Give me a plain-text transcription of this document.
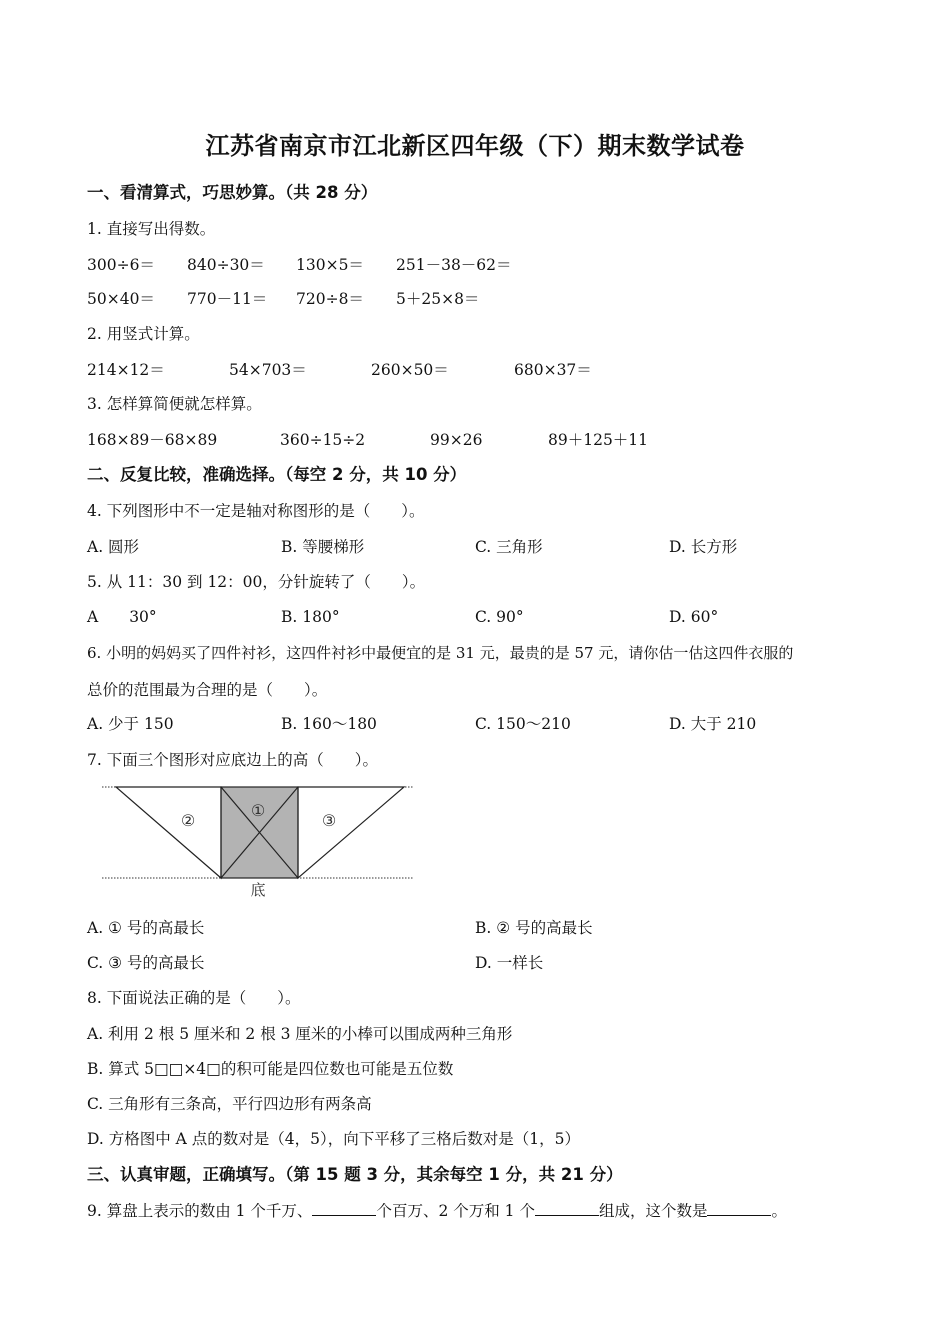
江苏省南京市江北新区四年级（下）期末数学试卷
一、看清算式，巧思妙算。（共 28 分）
1. 直接写出得数。
300÷6＝ 840÷30＝ 130×5＝ 251－38－62＝
50×40＝ 770－11＝ 720÷8＝ 5＋25×8＝
2. 用竖式计算。
214×12＝	54×703＝	260×50＝	680×37＝
3. 怎样算简便就怎样算。
168×89－68×89	360÷15÷2	99×26	89＋125＋11
二、反复比较，准确选择。（每空 2 分，共 10 分）
4. 下列图形中不一定是轴对称图形的是（　　）。
A. 圆形	B. 等腰梯形	C. 三角形	D. 长方形
5. 从 11：30 到 12：00，分针旋转了（　　）。
A　　30°	B. 180°	C. 90°	D. 60°
6. 小明的妈妈买了四件衬衫，这四件衬衫中最便宜的是 31 元，最贵的是 57 元，请你估一估这四件衣服的
总价的范围最为合理的是（　　）。
A. 少于 150	B. 160～180	C. 150～210	D. 大于 210
7. 下面三个图形对应底边上的高（　　）。
①
②	③
底
A. ① 号的高最长	B. ② 号的高最长
C. ③ 号的高最长	D. 一样长
8. 下面说法正确的是（　　）。
A. 利用 2 根 5 厘米和 2 根 3 厘米的小棒可以围成两种三角形
B. 算式 5□□×4□的积可能是四位数也可能是五位数
C. 三角形有三条高，平行四边形有两条高
D. 方格图中 A 点的数对是（4，5），向下平移了三格后数对是（1，5）
三、认真审题，正确填写。（第 15 题 3 分，其余每空 1 分，共 21 分）
9. 算盘上表示的数由 1 个千万、	个百万、2 个万和 1 个	组成，这个数是	。
